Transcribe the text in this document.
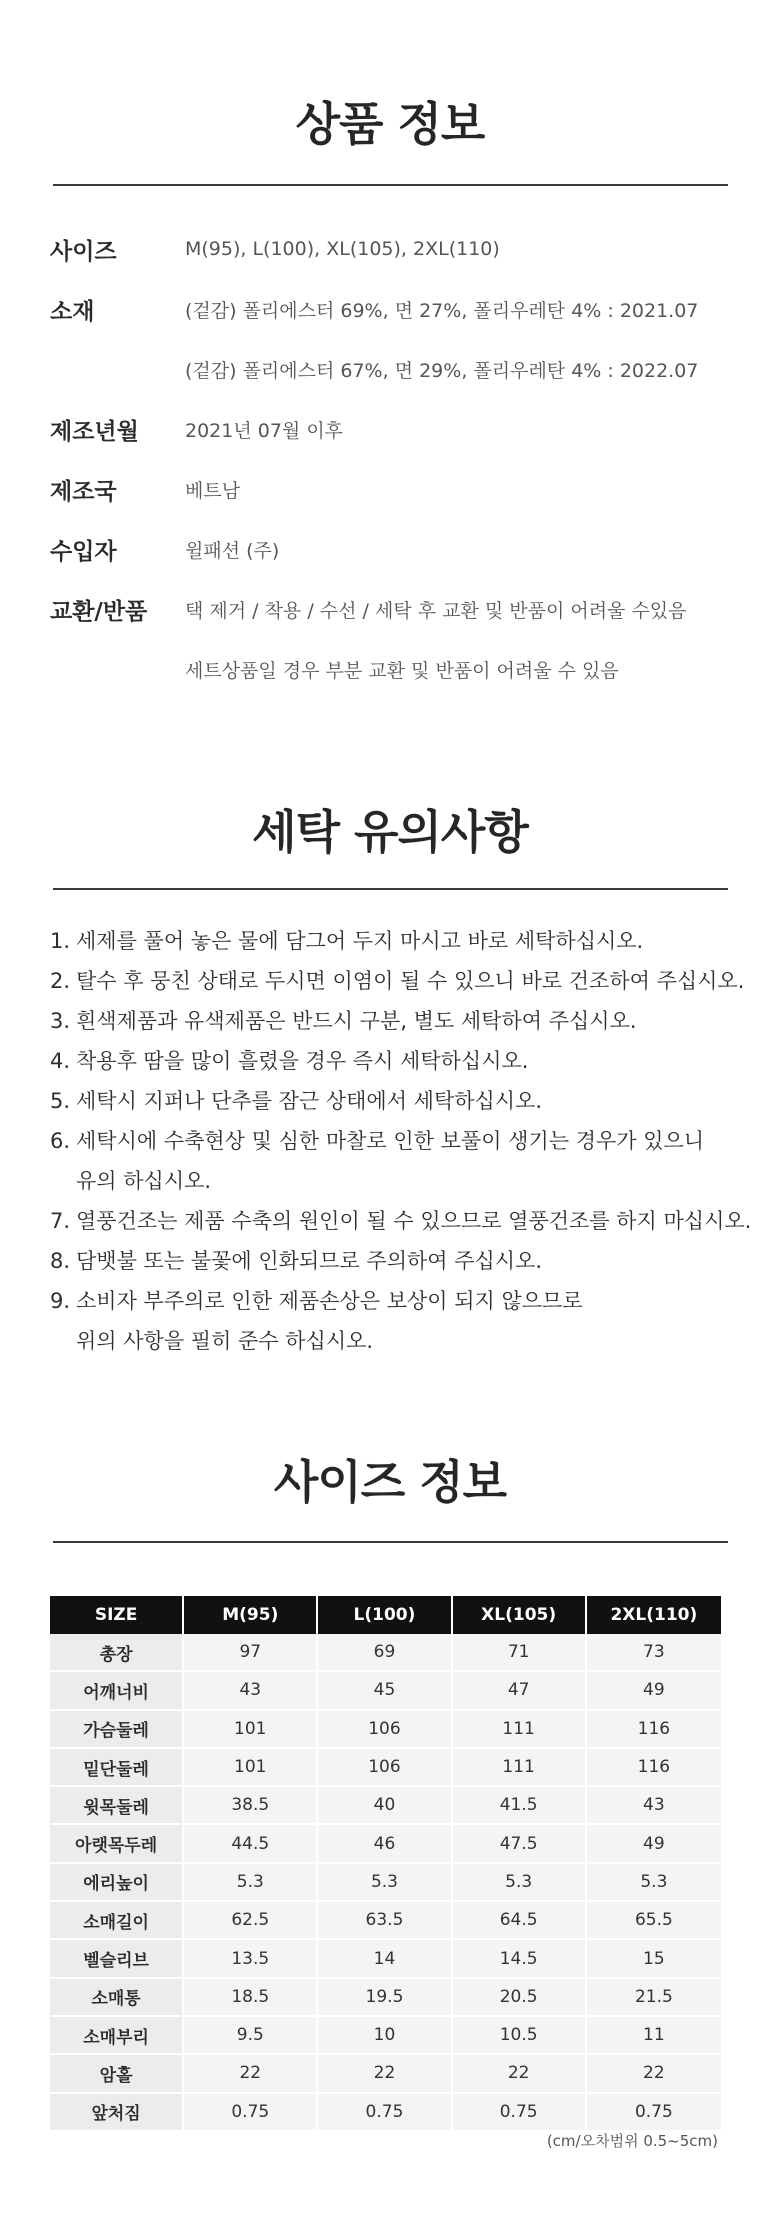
상품 정보
사이즈	M(95), L(100), XL(105), 2XL(110)
소재	(겉감) 폴리에스터 69%, 면 27%, 폴리우레탄 4% : 2021.07
(겉감) 폴리에스터 67%, 면 29%, 폴리우레탄 4% : 2022.07
제조년월	2021년 07월 이후
제조국	베트남
수입자	윌패션 (주)
교환/반품	택 제거 / 착용 / 수선 / 세탁 후 교환 및 반품이 어려울 수있음
세트상품일 경우 부분 교환 및 반품이 어려울 수 있음
세탁 유의사항
1. 세제를 풀어 놓은 물에 담그어 두지 마시고 바로 세탁하십시오.
2. 탈수 후 뭉친 상태로 두시면 이염이 될 수 있으니 바로 건조하여 주십시오.
3. 흰색제품과 유색제품은 반드시 구분, 별도 세탁하여 주십시오.
4. 착용후 땀을 많이 흘렸을 경우 즉시 세탁하십시오.
5. 세탁시 지퍼나 단추를 잠근 상태에서 세탁하십시오.
6. 세탁시에 수축현상 및 심한 마찰로 인한 보풀이 생기는 경우가 있으니
유의 하십시오.
7. 열풍건조는 제품 수축의 원인이 될 수 있으므로 열풍건조를 하지 마십시오.
8. 담뱃불 또는 불꽃에 인화되므로 주의하여 주십시오.
9. 소비자 부주의로 인한 제품손상은 보상이 되지 않으므로
위의 사항을 필히 준수 하십시오.
사이즈 정보
SIZE	M(95)	L(100)	XL(105)	2XL(110)
총장	97	69	71	73
어깨너비	43	45	47	49
가슴둘레	101	106	111	116
밑단둘레	101	106	111	116
윗목둘레	38.5	40	41.5	43
아랫목두레	44.5	46	47.5	49
에리높이	5.3	5.3	5.3	5.3
소매길이	62.5	63.5	64.5	65.5
벨슬리브	13.5	14	14.5	15
소매통	18.5	19.5	20.5	21.5
소매부리	9.5	10	10.5	11
암홀	22	22	22	22
앞처짐	0.75	0.75	0.75	0.75
(cm/오차범위 0.5~5cm)
